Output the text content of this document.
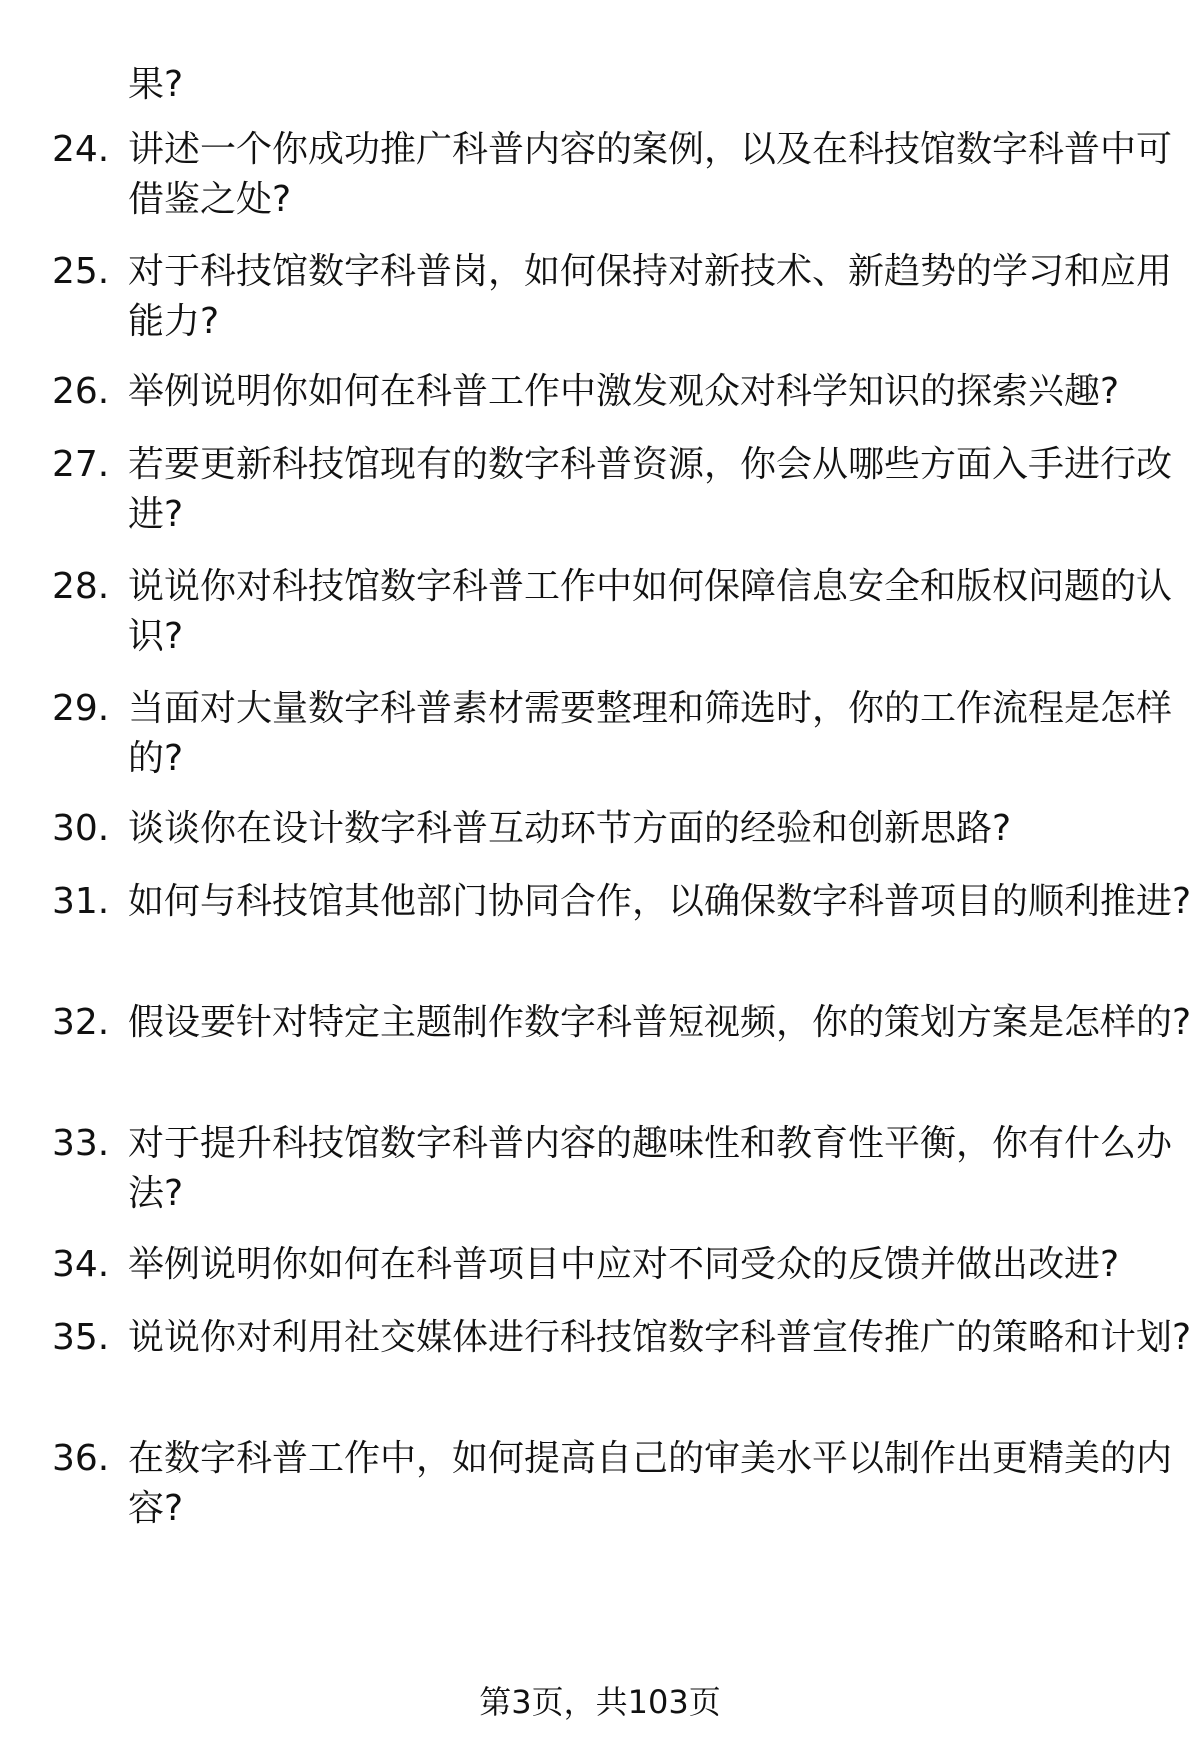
果?
24. 讲述一个你成功推广科普内容的案例，以及在科技馆数字科普中可借鉴之处?
25. 对于科技馆数字科普岗，如何保持对新技术、新趋势的学习和应用能力?
26. 举例说明你如何在科普工作中激发观众对科学知识的探索兴趣?
27. 若要更新科技馆现有的数字科普资源，你会从哪些方面入手进行改进?
28. 说说你对科技馆数字科普工作中如何保障信息安全和版权问题的认识?
29. 当面对大量数字科普素材需要整理和筛选时，你的工作流程是怎样的?
30. 谈谈你在设计数字科普互动环节方面的经验和创新思路?
31. 如何与科技馆其他部门协同合作，以确保数字科普项目的顺利推进?
32. 假设要针对特定主题制作数字科普短视频，你的策划方案是怎样的?
33. 对于提升科技馆数字科普内容的趣味性和教育性平衡，你有什么办法?
34. 举例说明你如何在科普项目中应对不同受众的反馈并做出改进?
35. 说说你对利用社交媒体进行科技馆数字科普宣传推广的策略和计划?
36. 在数字科普工作中，如何提高自己的审美水平以制作出更精美的内容?
第3页，共103页
